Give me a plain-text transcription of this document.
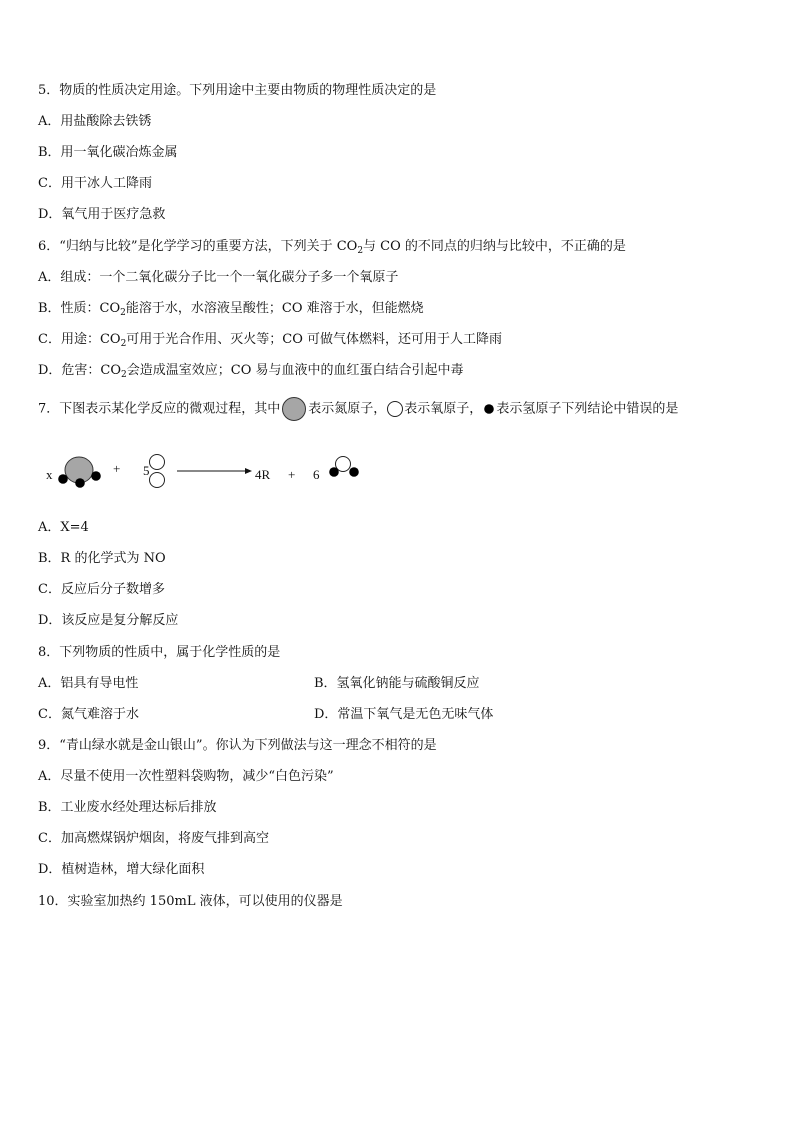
5．物质的性质决定用途。下列用途中主要由物质的物理性质决定的是
A．用盐酸除去铁锈
B．用一氧化碳冶炼金属
C．用干冰人工降雨
D．氧气用于医疗急救
6．“归纳与比较”是化学学习的重要方法，下列关于 $CO_2$与 CO 的不同点的归纳与比较中，不正确的是
A．组成：一个二氧化碳分子比一个一氧化碳分子多一个氧原子
B．性质：$CO_2$能溶于水，水溶液呈酸性；CO 难溶于水，但能燃烧
C．用途：$CO_2$可用于光合作用、灭火等；CO 可做气体燃料，还可用于人工降雨
D．危害：$CO_2$会造成温室效应；CO 易与血液中的血红蛋白结合引起中毒
7．下图表示某化学反应的微观过程，其中 表示氮原子， 表示氧原子， 表示氢原子下列结论中错误的是
x	+ 5	4R + 6
A．X=4
B．R 的化学式为 NO
C．反应后分子数增多
D．该反应是复分解反应
8．下列物质的性质中，属于化学性质的是
A．铝具有导电性	B．氢氧化钠能与硫酸铜反应
C．氮气难溶于水	D．常温下氧气是无色无味气体
9．“青山绿水就是金山银山”。你认为下列做法与这一理念不相符的是
A．尽量不使用一次性塑料袋购物，减少“白色污染”
B．工业废水经处理达标后排放
C．加高燃煤锅炉烟囱，将废气排到高空
D．植树造林，增大绿化面积
10．实验室加热约 150mL 液体，可以使用的仪器是
